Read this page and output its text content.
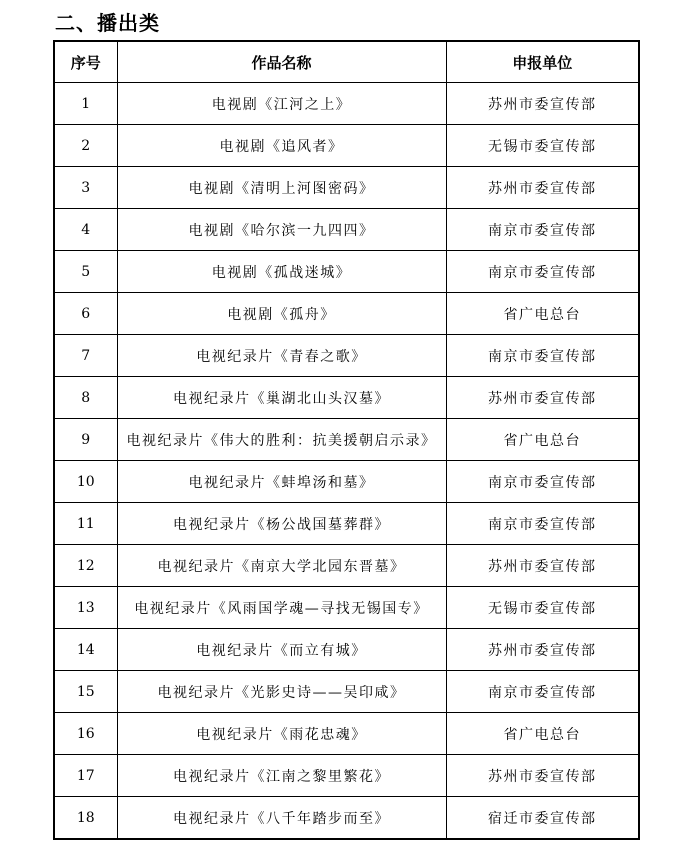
二、播出类
序号	作品名称	申报单位
1	电视剧《江河之上》	苏州市委宣传部
2	电视剧《追风者》	无锡市委宣传部
3	电视剧《清明上河图密码》	苏州市委宣传部
4	电视剧《哈尔滨一九四四》	南京市委宣传部
5	电视剧《孤战迷城》	南京市委宣传部
6	电视剧《孤舟》	省广电总台
7	电视纪录片《青春之歌》	南京市委宣传部
8	电视纪录片《巢湖北山头汉墓》	苏州市委宣传部
9	电视纪录片《伟大的胜利：抗美援朝启示录》	省广电总台
10	电视纪录片《蚌埠汤和墓》	南京市委宣传部
11	电视纪录片《杨公战国墓葬群》	南京市委宣传部
12	电视纪录片《南京大学北园东晋墓》	苏州市委宣传部
13	电视纪录片《风雨国学魂—寻找无锡国专》	无锡市委宣传部
14	电视纪录片《而立有城》	苏州市委宣传部
15	电视纪录片《光影史诗——吴印咸》	南京市委宣传部
16	电视纪录片《雨花忠魂》	省广电总台
17	电视纪录片《江南之黎里繁花》	苏州市委宣传部
18	电视纪录片《八千年踏步而至》	宿迁市委宣传部
